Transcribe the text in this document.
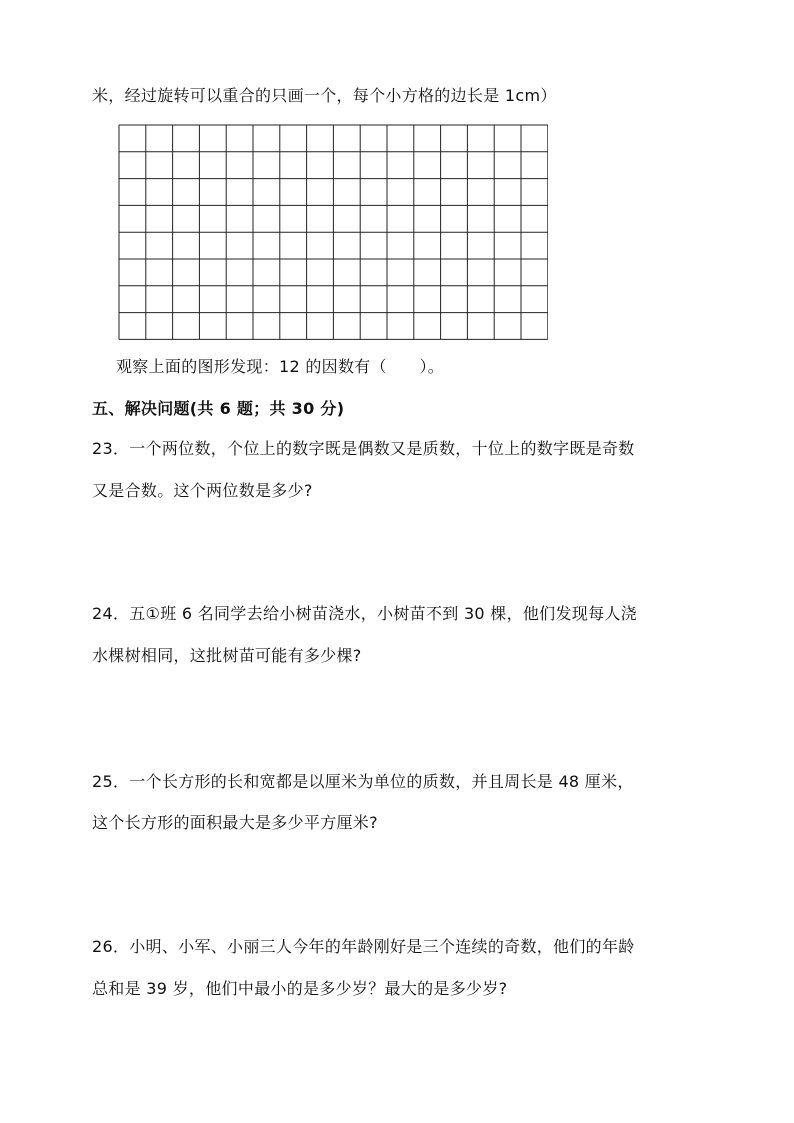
米，经过旋转可以重合的只画一个，每个小方格的边长是 1cm）
观察上面的图形发现：12 的因数有（　　）。
五、解决问题(共 6 题；共 30 分)
23．一个两位数，个位上的数字既是偶数又是质数，十位上的数字既是奇数
又是合数。这个两位数是多少?
24．五①班 6 名同学去给小树苗浇水，小树苗不到 30 棵，他们发现每人浇
水棵树相同，这批树苗可能有多少棵?
25．一个长方形的长和宽都是以厘米为单位的质数，并且周长是 48 厘米，
这个长方形的面积最大是多少平方厘米?
26．小明、小军、小丽三人今年的年龄刚好是三个连续的奇数，他们的年龄
总和是 39 岁，他们中最小的是多少岁？最大的是多少岁?
